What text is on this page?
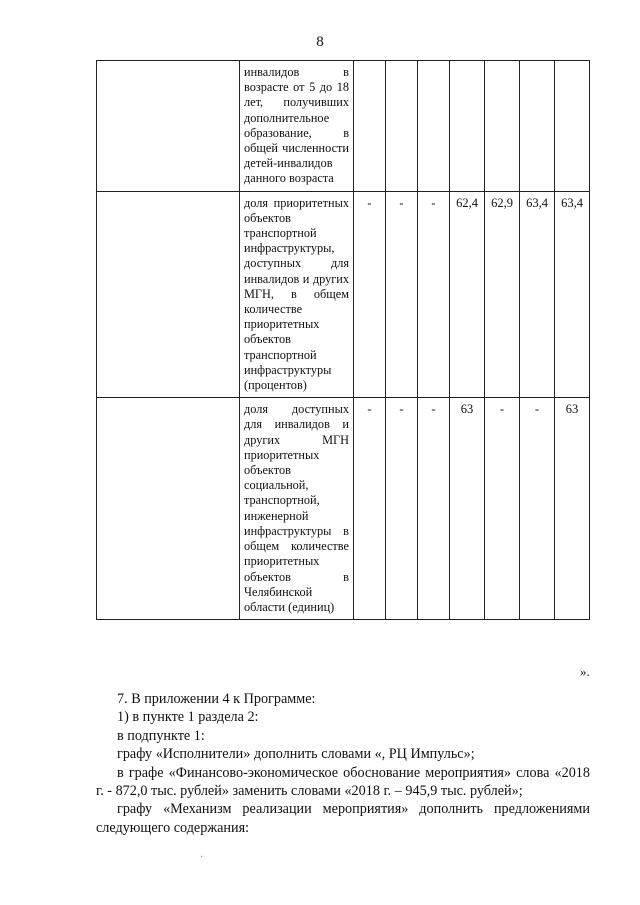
8
	инвалидов в возрасте от 5 до 18 лет, получивших дополнительное образование, в общей численности детей-инвалидов данного возраста							
	доля приоритетных объектов транспортной инфраструктуры, доступных для инвалидов и других МГН, в общем количестве приоритетных объектов транспортной инфраструктуры (процентов)	-	-	-	62,4	62,9	63,4	63,4
	доля доступных для инвалидов и других МГН приоритетных объектов социальной, транспортной, инженерной инфраструктуры в общем количестве приоритетных объектов в Челябинской области (единиц)	-	-	-	63	-	-	63
».

7. В приложении 4 к Программе:

1) в пункте 1 раздела 2:

в подпункте 1:

графу «Исполнители» дополнить словами «, РЦ Импульс»;

в графе «Финансово-экономическое обоснование мероприятия» слова «2018 г. - 872,0 тыс. рублей» заменить словами «2018 г. – 945,9 тыс. рублей»;

графу «Механизм реализации мероприятия» дополнить предложениями следующего содержания:

·
